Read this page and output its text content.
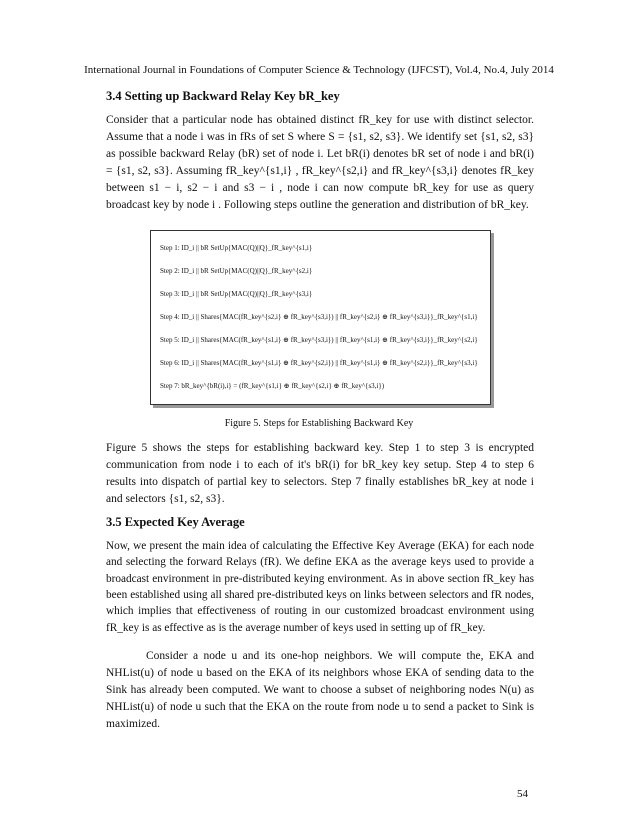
International Journal in Foundations of Computer Science & Technology (IJFCST), Vol.4, No.4, July 2014
3.4 Setting up Backward Relay Key bR_key

Consider that a particular node has obtained distinct fR_key for use with distinct selector. Assume that a node i was in fRs of set S where S = {s1, s2, s3}. We identify set {s1, s2, s3} as possible backward Relay (bR) set of node i. Let bR(i) denotes bR set of node i and bR(i) = {s1, s2, s3}. Assuming fR_key^{s1,i} , fR_key^{s2,i} and fR_key^{s3,i} denotes fR_key between s1 − i, s2 − i and s3 − i , node i can now compute bR_key for use as query broadcast key by node i . Following steps outline the generation and distribution of bR_key.

Step 1: ID_i || bR SetUp{MAC(Q)||Q}_fR_key^{s1,i}
Step 2: ID_i || bR SetUp{MAC(Q)||Q}_fR_key^{s2,i}
Step 3: ID_i || bR SetUp{MAC(Q)||Q}_fR_key^{s3,i}
Step 4: ID_i || Shares{MAC(fR_key^{s2,i} ⊕ fR_key^{s3,i}) || fR_key^{s2,i} ⊕ fR_key^{s3,i}}_fR_key^{s1,i}
Step 5: ID_i || Shares{MAC(fR_key^{s1,i} ⊕ fR_key^{s3,i}) || fR_key^{s1,i} ⊕ fR_key^{s3,i}}_fR_key^{s2,i}
Step 6: ID_i || Shares{MAC(fR_key^{s1,i} ⊕ fR_key^{s2,i}) || fR_key^{s1,i} ⊕ fR_key^{s2,i}}_fR_key^{s3,i}
Step 7: bR_key^{bR(i),i} = (fR_key^{s1,i} ⊕ fR_key^{s2,i} ⊕ fR_key^{s3,i})
Figure 5. Steps for Establishing Backward Key

Figure 5 shows the steps for establishing backward key. Step 1 to step 3 is encrypted communication from node i to each of it's bR(i) for bR_key key setup. Step 4 to step 6 results into dispatch of partial key to selectors. Step 7 finally establishes bR_key at node i and selectors {s1, s2, s3}.

3.5 Expected Key Average

Now, we present the main idea of calculating the Effective Key Average (EKA) for each node and selecting the forward Relays (fR). We define EKA as the average keys used to provide a broadcast environment in pre-distributed keying environment. As in above section fR_key has been established using all shared pre-distributed keys on links between selectors and fR nodes, which implies that effectiveness of routing in our customized broadcast environment using fR_key is as effective as is the average number of keys used in setting up of fR_key.

Consider a node u and its one-hop neighbors. We will compute the, EKA and NHList(u) of node u based on the EKA of its neighbors whose EKA of sending data to the Sink has already been computed. We want to choose a subset of neighboring nodes N(u) as NHList(u) of node u such that the EKA on the route from node u to send a packet to Sink is maximized.

54
